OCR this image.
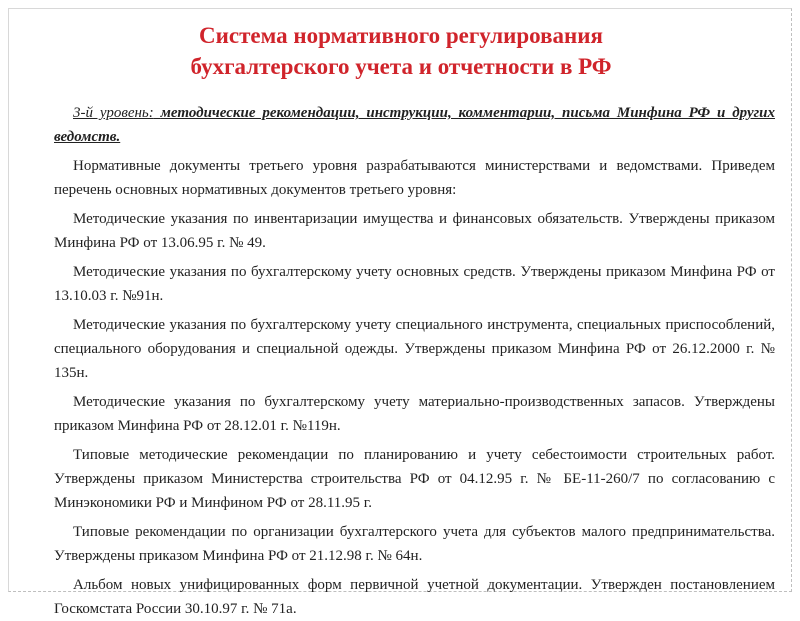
Система нормативного регулирования
бухгалтерского учета и отчетности в РФ

3-й уровень: методические рекомендации, инструкции, комментарии, письма Минфина РФ и других ведомств.

Нормативные документы третьего уровня разрабатываются министерствами и ведомствами. Приведем перечень основных нормативных документов третьего уровня:

Методические указания по инвентаризации имущества и финансовых обязательств. Утверждены приказом Минфина РФ от 13.06.95 г. № 49.

Методические указания по бухгалтерскому учету основных средств. Утверждены приказом Минфина РФ от 13.10.03 г. №91н.

Методические указания по бухгалтерскому учету специального инструмента, специальных приспособлений, специального оборудования и специальной одежды. Утверждены приказом Минфина РФ от 26.12.2000 г. № 135н.

Методические указания по бухгалтерскому учету материально-производственных запасов. Утверждены приказом Минфина РФ от 28.12.01 г. №119н.

Типовые методические рекомендации по планированию и учету себестоимости строительных работ. Утверждены приказом Министерства строительства РФ от 04.12.95 г. № БЕ-11-260/7 по согласованию с Минэкономики РФ и Минфином РФ от 28.11.95 г.

Типовые рекомендации по организации бухгалтерского учета для субъектов малого предпринимательства. Утверждены приказом Минфина РФ от 21.12.98 г. № 64н.

Альбом новых унифицированных форм первичной учетной документации. Утвержден постановлением Госкомстата России 30.10.97 г. № 71а.
